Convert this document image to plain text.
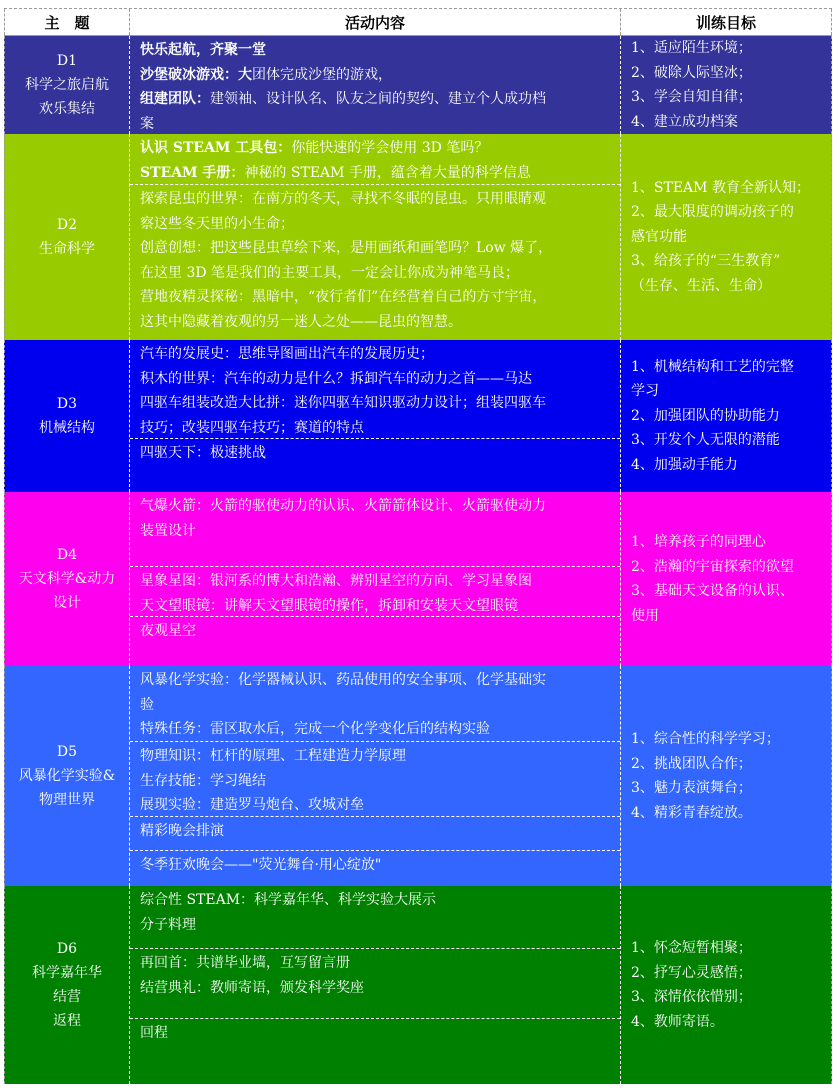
主　题	活动内容	训练目标
D1
科学之旅启航
欢乐集结
快乐起航，齐聚一堂
沙堡破冰游戏：大团体完成沙堡的游戏，
组建团队：建领袖、设计队名、队友之间的契约、建立个人成功档
案
1、适应陌生环境；
2、破除人际坚冰；
3、学会自知自律；
4、建立成功档案
D2
生命科学
认识 STEAM 工具包：你能快速的学会使用 3D 笔吗？
STEAM 手册：神秘的 STEAM 手册，蕴含着大量的科学信息
探索昆虫的世界：在南方的冬天，寻找不冬眠的昆虫。只用眼睛观
察这些冬天里的小生命；
创意创想：把这些昆虫草绘下来，是用画纸和画笔吗？Low 爆了，
在这里 3D 笔是我们的主要工具，一定会让你成为神笔马良；
营地夜精灵探秘：黑暗中，“夜行者们”在经营着自己的方寸宇宙，
这其中隐藏着夜观的另一迷人之处——昆虫的智慧。
1、STEAM 教育全新认知；
2、最大限度的调动孩子的
感官功能
3、给孩子的“三生教育”
（生存、生活、生命）
D3
机械结构
汽车的发展史：思维导图画出汽车的发展历史；
积木的世界：汽车的动力是什么？拆卸汽车的动力之首——马达
四驱车组装改造大比拼：迷你四驱车知识驱动力设计；组装四驱车
技巧；改装四驱车技巧；赛道的特点
四驱天下：极速挑战
1、机械结构和工艺的完整
学习
2、加强团队的协助能力
3、开发个人无限的潜能
4、加强动手能力
D4
天文科学&动力
设计
气爆火箭：火箭的驱使动力的认识、火箭箭体设计、火箭驱使动力
装置设计
星象星图：银河系的博大和浩瀚、辨别星空的方向、学习星象图
天文望眼镜：讲解天文望眼镜的操作，拆卸和安装天文望眼镜
夜观星空
1、培养孩子的同理心
2、浩瀚的宇宙探索的欲望
3、基础天文设备的认识、
使用
D5
风暴化学实验&
物理世界
风暴化学实验：化学器械认识、药品使用的安全事项、化学基础实
验
特殊任务：雷区取水后，完成一个化学变化后的结构实验
物理知识：杠杆的原理、工程建造力学原理
生存技能：学习绳结
展现实验：建造罗马炮台、攻城对垒
精彩晚会排演
冬季狂欢晚会——"荧光舞台·用心绽放"
1、综合性的科学学习；
2、挑战团队合作；
3、魅力表演舞台；
4、精彩青春绽放。
D6
科学嘉年华
结营
返程
综合性 STEAM：科学嘉年华、科学实验大展示
分子料理
再回首：共谱毕业墙，互写留言册
结营典礼：教师寄语，颁发科学奖座
回程
1、怀念短暂相聚；
2、抒写心灵感悟；
3、深情依依惜别；
4、教师寄语。
